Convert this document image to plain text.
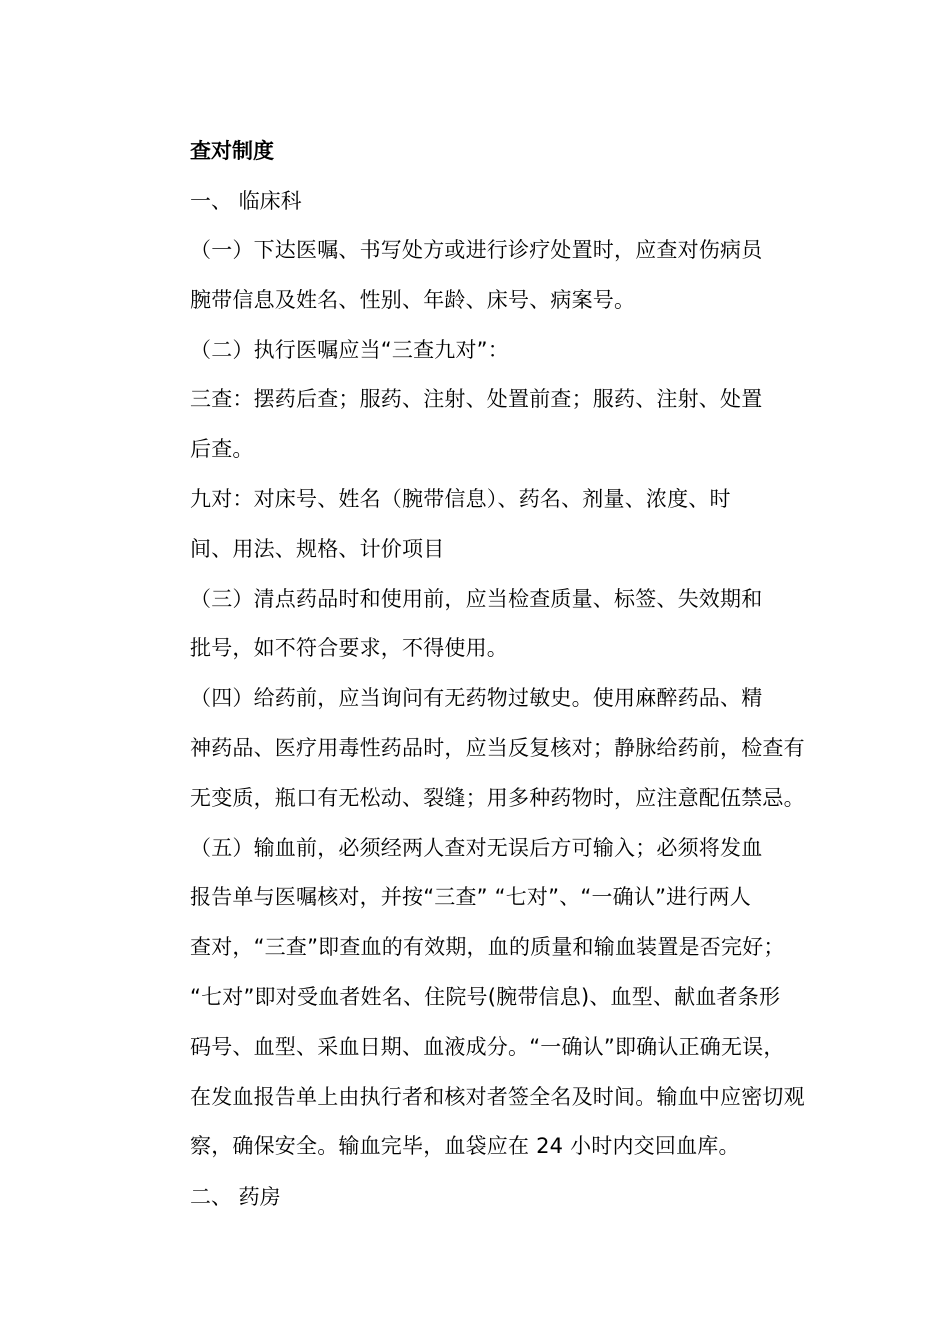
查对制度

一、 临床科

（一）下达医嘱、书写处方或进行诊疗处置时，应查对伤病员
腕带信息及姓名、性别、年龄、床号、病案号。

（二）执行医嘱应当“三查九对”：

三查：摆药后查；服药、注射、处置前查；服药、注射、处置
后查。

九对：对床号、姓名（腕带信息）、药名、剂量、浓度、时
间、用法、规格、计价项目

（三）清点药品时和使用前，应当检查质量、标签、失效期和
批号，如不符合要求，不得使用。

（四）给药前，应当询问有无药物过敏史。使用麻醉药品、精
神药品、医疗用毒性药品时，应当反复核对；静脉给药前，检查有
无变质，瓶口有无松动、裂缝；用多种药物时，应注意配伍禁忌。

（五）输血前，必须经两人查对无误后方可输入；必须将发血
报告单与医嘱核对，并按“三查” “七对”、“一确认”进行两人
查对，“三查”即查血的有效期，血的质量和输血装置是否完好；
“七对”即对受血者姓名、住院号(腕带信息)、血型、献血者条形
码号、血型、采血日期、血液成分。“一确认”即确认正确无误，
在发血报告单上由执行者和核对者签全名及时间。输血中应密切观
察，确保安全。输血完毕，血袋应在 24 小时内交回血库。

二、 药房
